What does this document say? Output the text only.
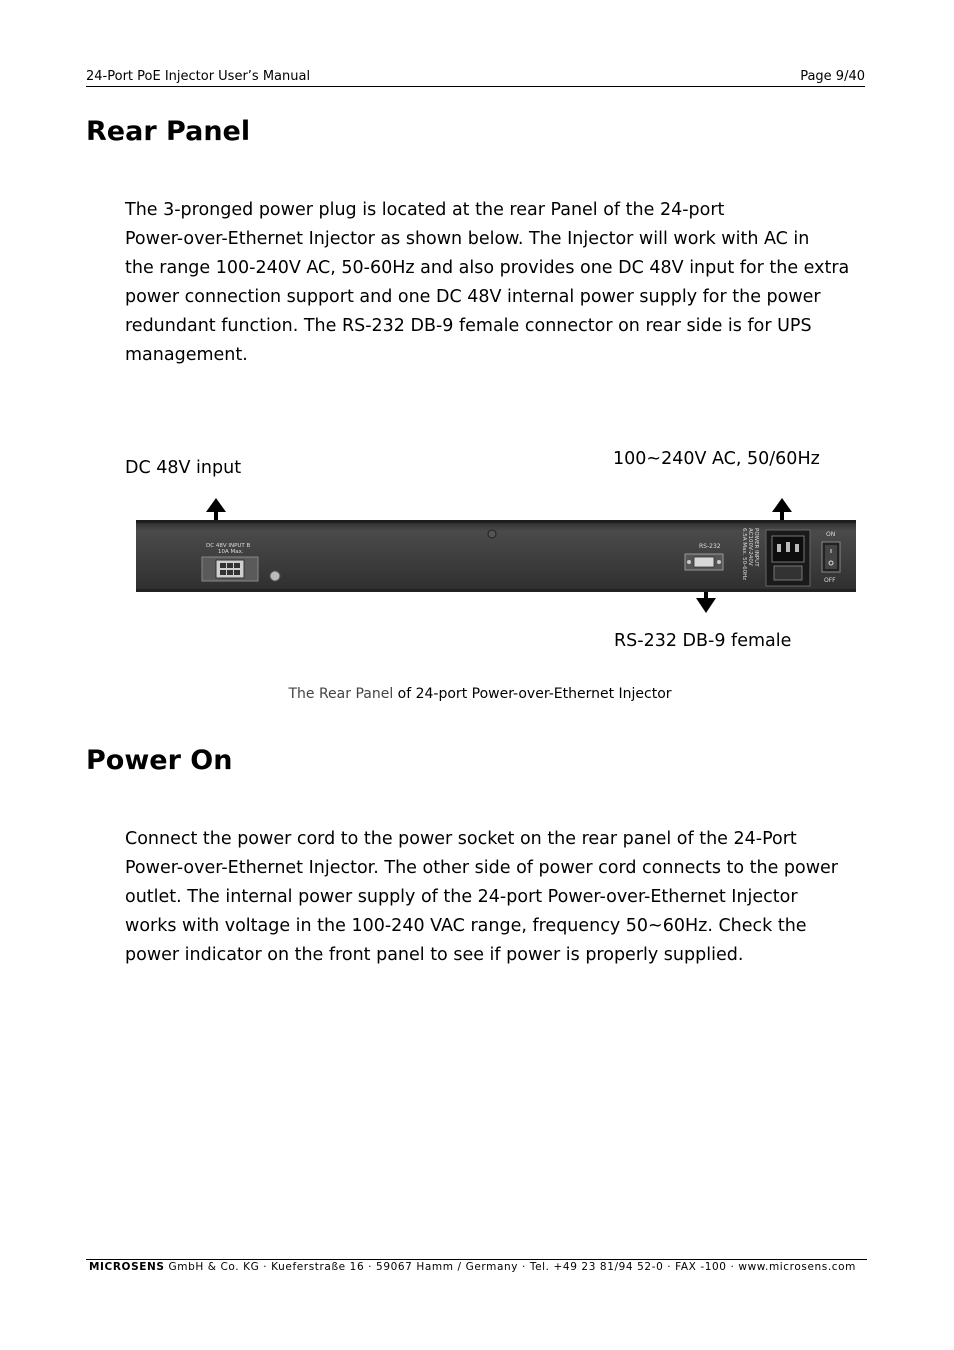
24-Port PoE Injector User’s Manual	Page 9/40
Rear Panel

The 3-pronged power plug is located at the rear Panel of the 24-port

Power-over-Ethernet Injector as shown below. The Injector will work with AC in

the range 100-240V AC, 50-60Hz and also provides one DC 48V input for the extra

power connection support and one DC 48V internal power supply for the power

redundant function. The RS-232 DB-9 female connector on rear side is for UPS

management.

DC 48V input	100~240V AC, 50/60Hz
RS-232 DB-9 female
DC 48V INPUT B
10A Max.
RS-232	POWER INPUT
AC100V-240V
6.5A Max. 50-60Hz	ON
OFF
The Rear Panel of 24-port Power-over-Ethernet Injector
Power On

Connect the power cord to the power socket on the rear panel of the 24-Port

Power-over-Ethernet Injector. The other side of power cord connects to the power

outlet. The internal power supply of the 24-port Power-over-Ethernet Injector

works with voltage in the 100-240 VAC range, frequency 50~60Hz. Check the

power indicator on the front panel to see if power is properly supplied.

MICROSENS GmbH & Co. KG · Kueferstraße 16 · 59067 Hamm / Germany · Tel. +49 23 81/94 52-0 · FAX -100 · www.microsens.com
